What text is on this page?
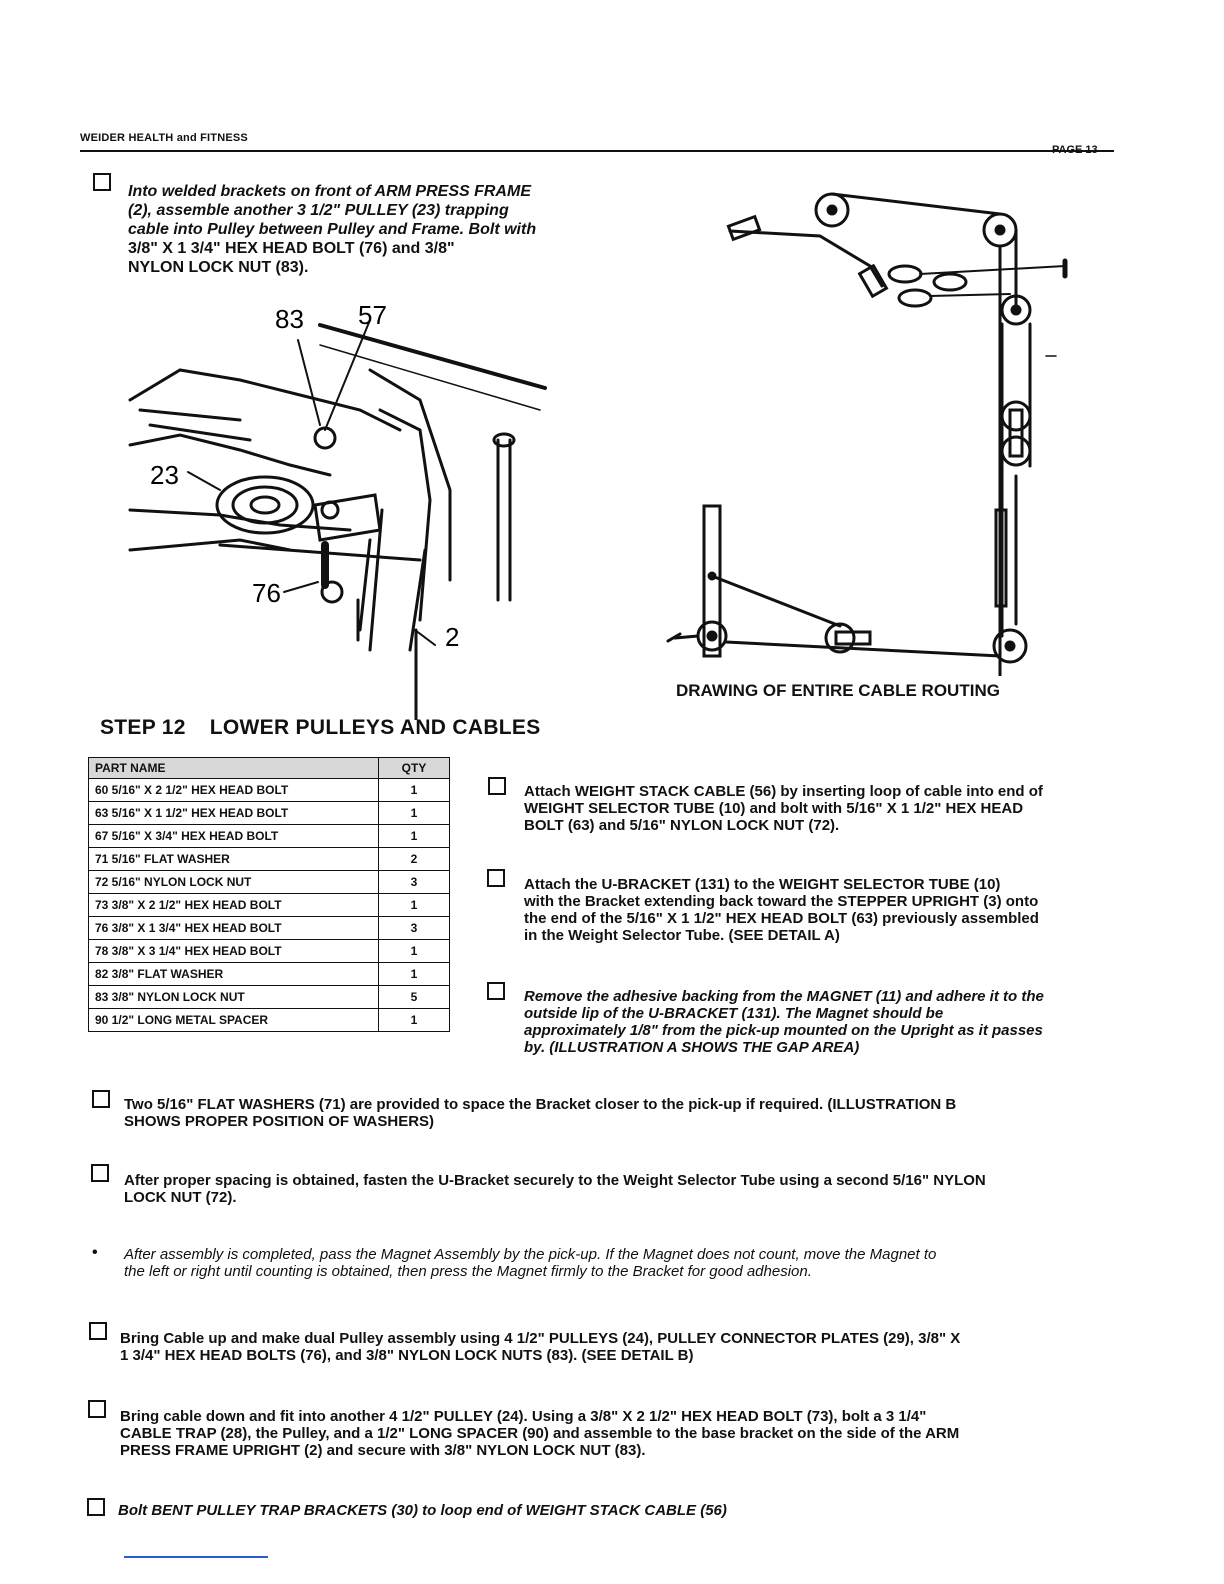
WEIDER HEALTH and FITNESS
PAGE 13
Into welded brackets on front of ARM PRESS FRAME
(2), assemble another 3 1/2" PULLEY (23) trapping
cable into Pulley between Pulley and Frame. Bolt with
3/8" X 1 3/4" HEX HEAD BOLT (76) and 3/8"
NYLON LOCK NUT (83).
83 57
23
76
2
DRAWING OF ENTIRE CABLE ROUTING
STEP 12 LOWER PULLEYS AND CABLES
PART NAME	QTY
60 5/16" X 2 1/2" HEX HEAD BOLT	1
63 5/16" X 1 1/2" HEX HEAD BOLT	1
67 5/16" X 3/4" HEX HEAD BOLT	1
71 5/16" FLAT WASHER	2
72 5/16" NYLON LOCK NUT	3
73 3/8" X 2 1/2" HEX HEAD BOLT	1
76 3/8" X 1 3/4" HEX HEAD BOLT	3
78 3/8" X 3 1/4" HEX HEAD BOLT	1
82 3/8" FLAT WASHER	1
83 3/8" NYLON LOCK NUT	5
90 1/2" LONG METAL SPACER	1
Attach WEIGHT STACK CABLE (56) by inserting loop of cable into end of
WEIGHT SELECTOR TUBE (10) and bolt with 5/16" X 1 1/2" HEX HEAD
BOLT (63) and 5/16" NYLON LOCK NUT (72).
Attach the U-BRACKET (131) to the WEIGHT SELECTOR TUBE (10)
with the Bracket extending back toward the STEPPER UPRIGHT (3) onto
the end of the 5/16" X 1 1/2" HEX HEAD BOLT (63) previously assembled
in the Weight Selector Tube. (SEE DETAIL A)
Remove the adhesive backing from the MAGNET (11) and adhere it to the
outside lip of the U-BRACKET (131). The Magnet should be
approximately 1/8" from the pick-up mounted on the Upright as it passes
by. (ILLUSTRATION A SHOWS THE GAP AREA)
Two 5/16" FLAT WASHERS (71) are provided to space the Bracket closer to the pick-up if required. (ILLUSTRATION B
SHOWS PROPER POSITION OF WASHERS)
After proper spacing is obtained, fasten the U-Bracket securely to the Weight Selector Tube using a second 5/16" NYLON
LOCK NUT (72).
• After assembly is completed, pass the Magnet Assembly by the pick-up. If the Magnet does not count, move the Magnet to
the left or right until counting is obtained, then press the Magnet firmly to the Bracket for good adhesion.
Bring Cable up and make dual Pulley assembly using 4 1/2" PULLEYS (24), PULLEY CONNECTOR PLATES (29), 3/8" X
1 3/4" HEX HEAD BOLTS (76), and 3/8" NYLON LOCK NUTS (83). (SEE DETAIL B)
Bring cable down and fit into another 4 1/2" PULLEY (24). Using a 3/8" X 2 1/2" HEX HEAD BOLT (73), bolt a 3 1/4"
CABLE TRAP (28), the Pulley, and a 1/2" LONG SPACER (90) and assemble to the base bracket on the side of the ARM
PRESS FRAME UPRIGHT (2) and secure with 3/8" NYLON LOCK NUT (83).
Bolt BENT PULLEY TRAP BRACKETS (30) to loop end of WEIGHT STACK CABLE (56)
